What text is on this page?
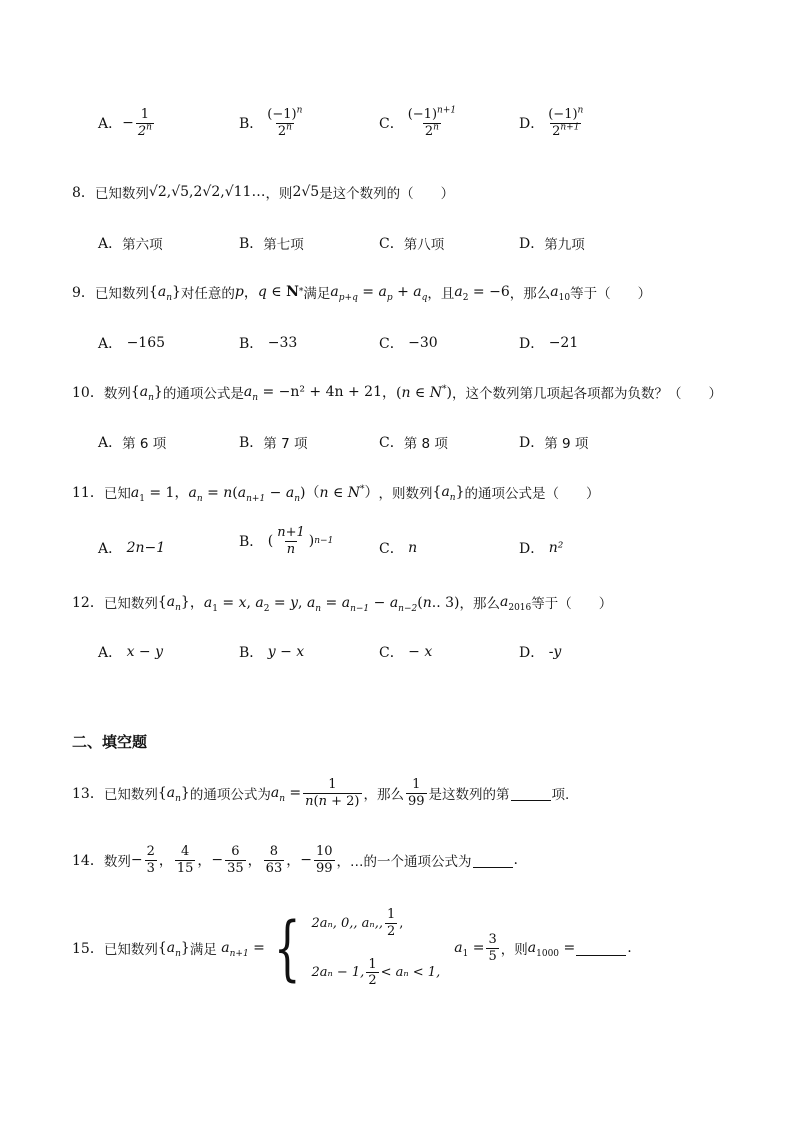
A． − $\frac{1}{2^n}$	B． $\frac{(-1)^n}{2^n}$	C． $\frac{(-1)^{n+1}}{2^n}$	D． $\frac{(-1)^n}{2^{n+1}}$
8． 已知数列 √2 , √5 , 2√2 , √11 … ，则 2√5 是这个数列的（　　）
A． 第六项	B． 第七项	C． 第八项	D． 第九项
9． 已知数列 $\{a_n\}$ 对任意的 p ， q ∈ N * 满足 $a_{p+q} = a_p + a_q$ ，且 $a_2 = -6$ ，那么 $a_{10}$ 等于（　　）
A．
−165	B．
−33	C．
−30	D．
−21
10． 数列 $\{a_n\}$ 的通项公式是 $a_n$
= −n² + 4n + 21 ，(n ∈ N*) ，这个数列第几项起各项都为负数？（　　）
A． 第 6 项	B． 第 7 项	C． 第 8 项	D． 第 9 项
11． 已知 $a_1 = 1$，$a_n = n(a_{n+1} - a_n)(n$ ∈ N*） ，则数列 $\{a_n\}$ 的通项公式是（　　）
A．
2n−1	B． ( $\frac{n+1}{n}$ ) n−1	C．
n	D．
n²
12． 已知数列 $\{a_n\}$ ，$a_1 = x$, $a_2 = y$, $a_n = a_{n-1} - a_{n-2}(n$.. 3) ，那么 $a_{2016}$ 等于（　　）
A．
x − y	B．
y − x	C．
− x	D．
-y
二、填空题
13． 已知数列 $\{a_n\}$ 的通项公式为 $a_n = \frac{1}{n(n + 2)}$ ，那么 $\frac{1}{99}$ 是这数列的第	项.
14． 数列 − $\frac{2}{3}$ ， $\frac{4}{15}$ ， − $\frac{6}{35}$ ， $\frac{8}{63}$ ， − $\frac{10}{99}$ ，…的一个通项公式为	.
15． 已知数列 $\{a_n\}$ 满足 $a_{n+1}$ = { 2aₙ, 0,, aₙ,, $\frac{1}{2}$ ,
2aₙ − 1, $\frac{1}{2} < a_n < 1$,
$a_1 = \frac{3}{5}$ ，则 $a_{1000}$ =	.
